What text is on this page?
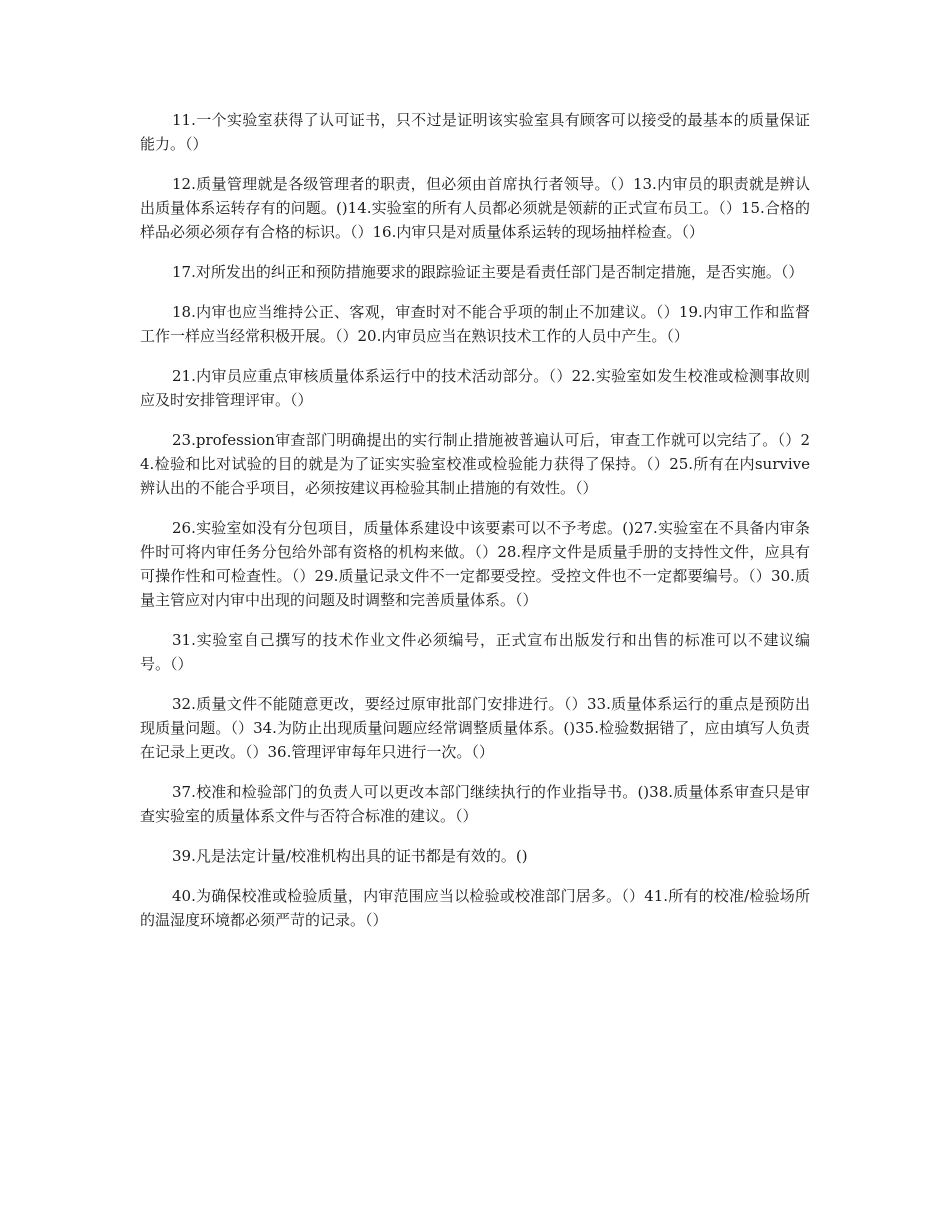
11.一个实验室获得了认可证书，只不过是证明该实验室具有顾客可以接受的最基本的质量保证能力。（）

12.质量管理就是各级管理者的职责，但必须由首席执行者领导。（）13.内审员的职责就是辨认出质量体系运转存有的问题。()14.实验室的所有人员都必须就是领薪的正式宣布员工。（）15.合格的样品必须必须存有合格的标识。（）16.内审只是对质量体系运转的现场抽样检查。（）

17.对所发出的纠正和预防措施要求的跟踪验证主要是看责任部门是否制定措施，是否实施。（）

18.内审也应当维持公正、客观，审查时对不能合乎项的制止不加建议。（）19.内审工作和监督工作一样应当经常积极开展。（）20.内审员应当在熟识技术工作的人员中产生。（）

21.内审员应重点审核质量体系运行中的技术活动部分。（）22.实验室如发生校准或检测事故则应及时安排管理评审。（）

23.profession审查部门明确提出的实行制止措施被普遍认可后，审查工作就可以完结了。（）24.检验和比对试验的目的就是为了证实实验室校准或检验能力获得了保持。（）25.所有在内survive辨认出的不能合乎项目，必须按建议再检验其制止措施的有效性。（）

26.实验室如没有分包项目，质量体系建设中该要素可以不予考虑。()27.实验室在不具备内审条件时可将内审任务分包给外部有资格的机构来做。（）28.程序文件是质量手册的支持性文件，应具有可操作性和可检查性。（）29.质量记录文件不一定都要受控。受控文件也不一定都要编号。（）30.质量主管应对内审中出现的问题及时调整和完善质量体系。（）

31.实验室自己撰写的技术作业文件必须编号，正式宣布出版发行和出售的标准可以不建议编号。（）

32.质量文件不能随意更改，要经过原审批部门安排进行。（）33.质量体系运行的重点是预防出现质量问题。（）34.为防止出现质量问题应经常调整质量体系。()35.检验数据错了，应由填写人负责在记录上更改。（）36.管理评审每年只进行一次。（）

37.校准和检验部门的负责人可以更改本部门继续执行的作业指导书。()38.质量体系审查只是审查实验室的质量体系文件与否符合标准的建议。（）

39.凡是法定计量/校准机构出具的证书都是有效的。()

40.为确保校准或检验质量，内审范围应当以检验或校准部门居多。（）41.所有的校准/检验场所的温湿度环境都必须严苛的记录。（）
